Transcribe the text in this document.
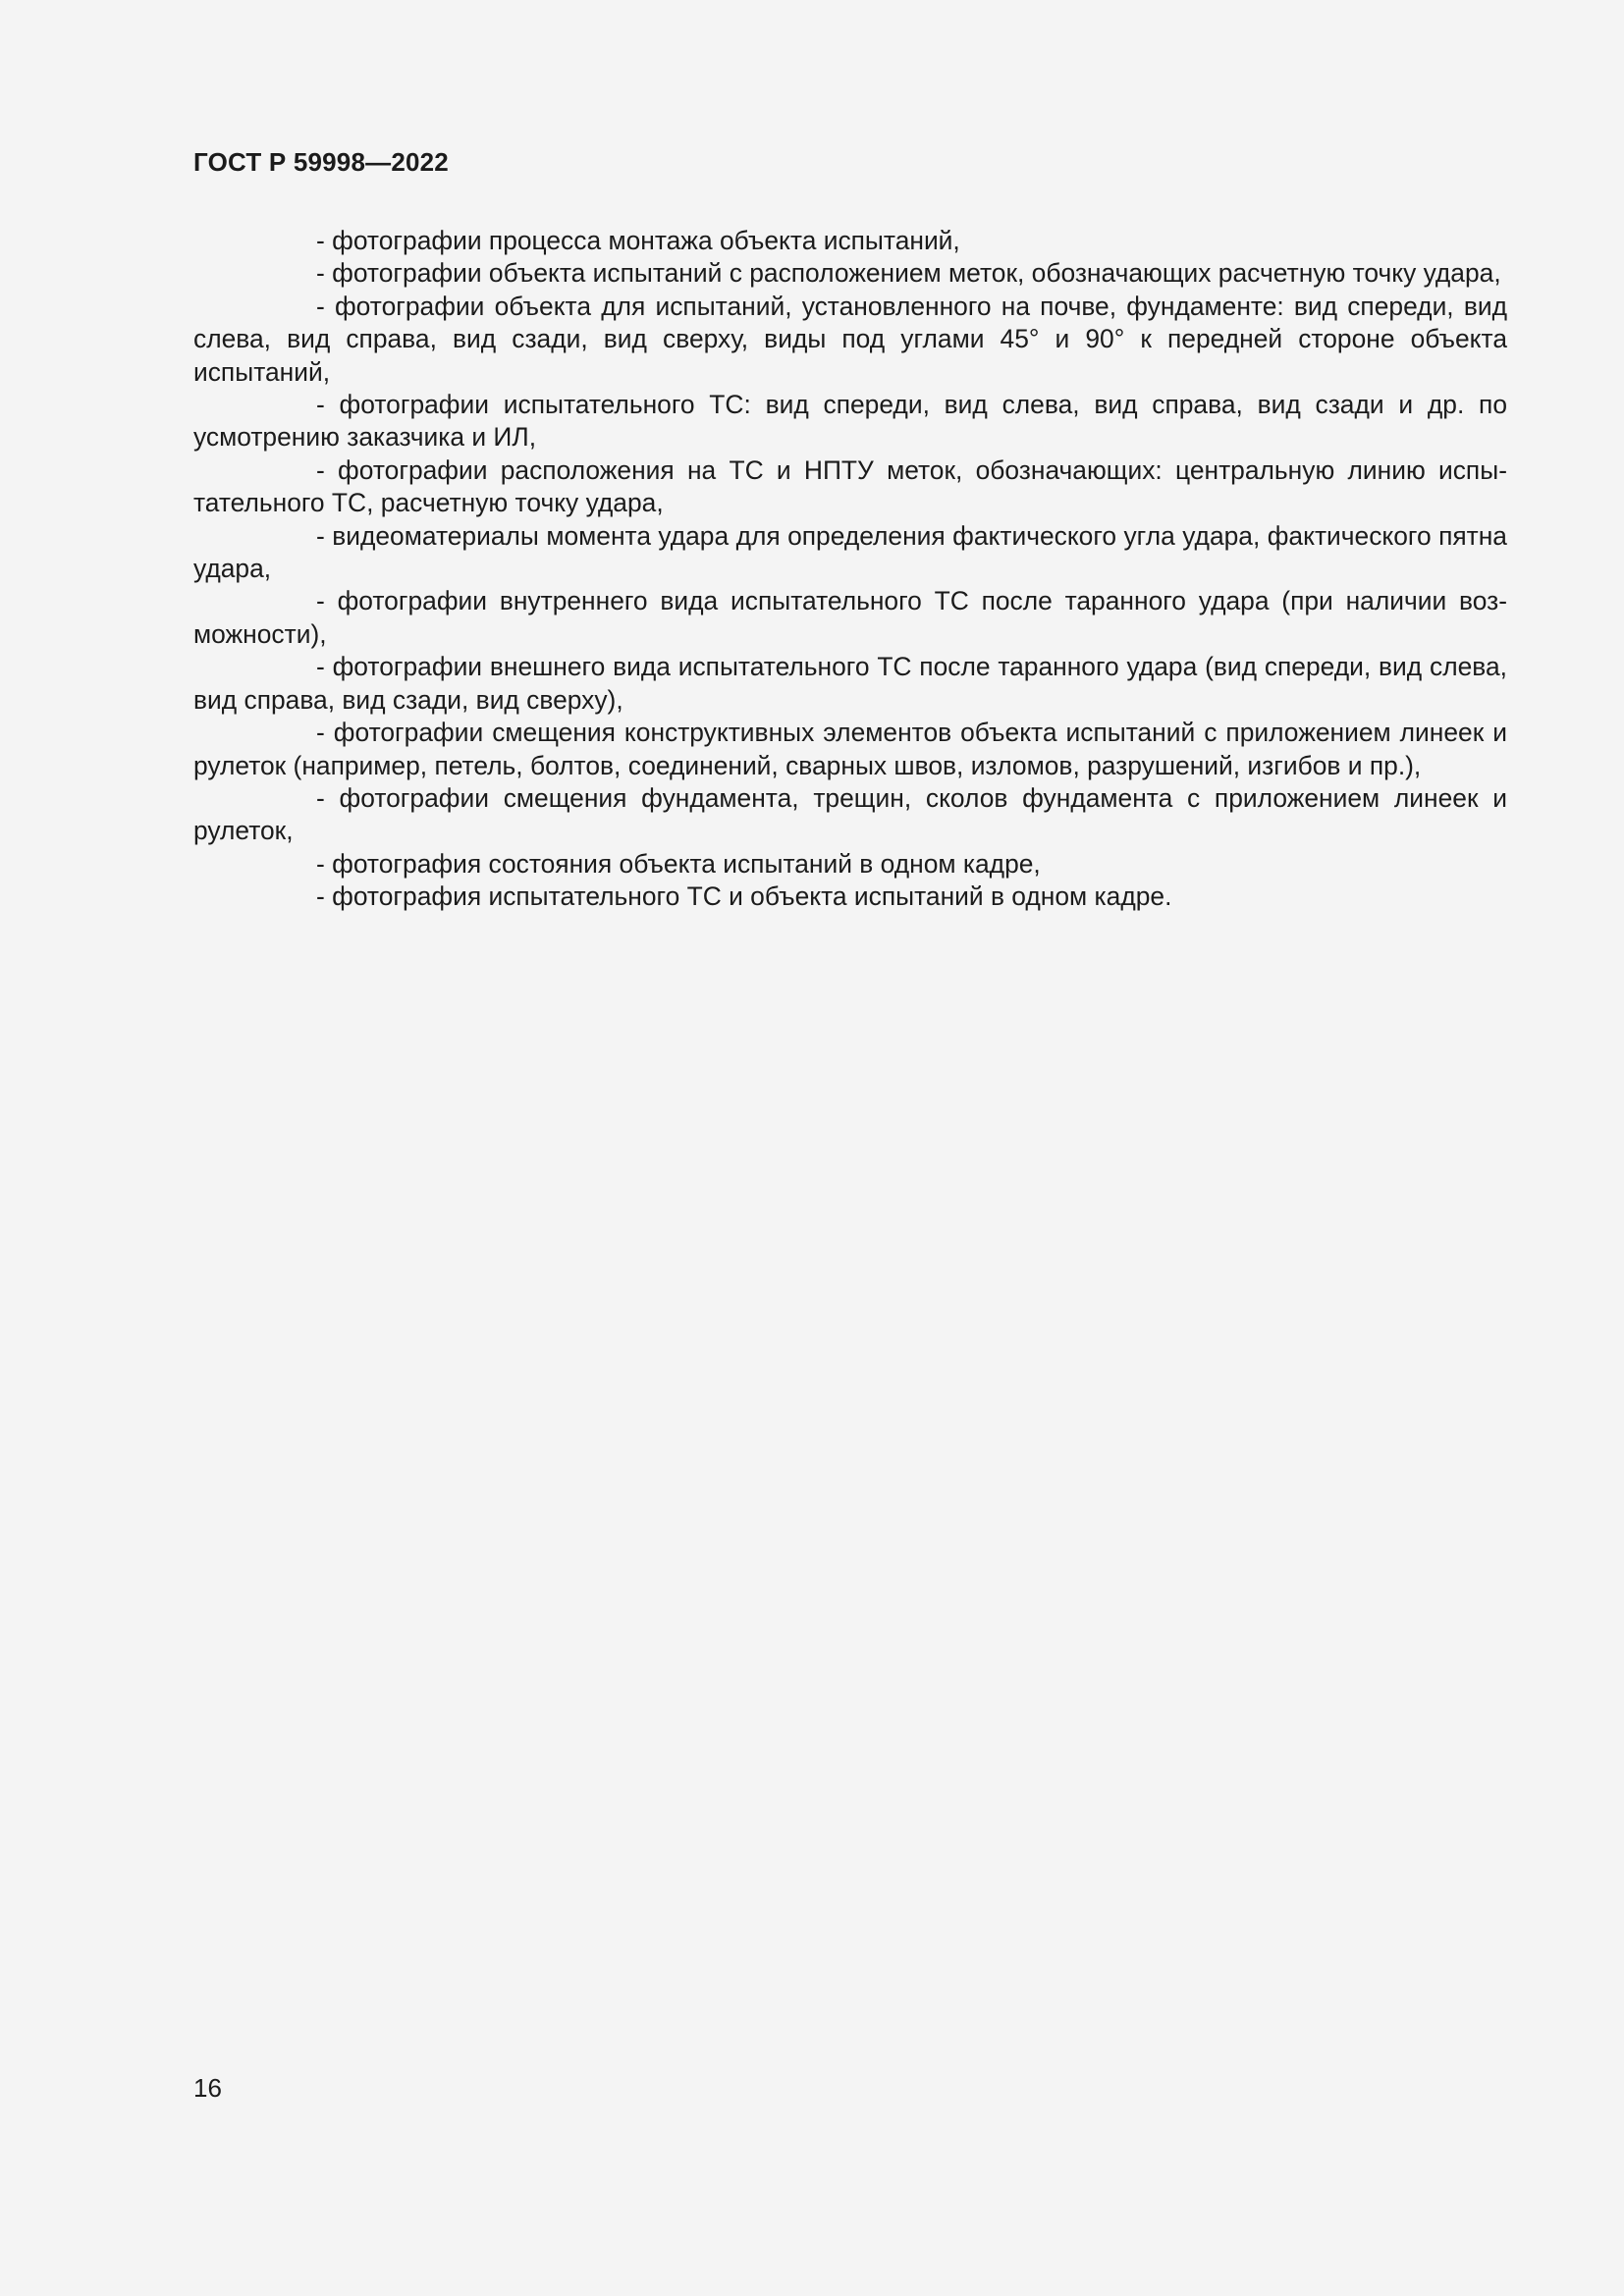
ГОСТ Р 59998—2022

- фотографии процесса монтажа объекта испытаний,

- фотографии объекта испытаний с расположением меток, обозначающих расчетную точку удара,

- фотографии объекта для испытаний, установленного на почве, фундаменте: вид спереди, вид слева, вид справа, вид сзади, вид сверху, виды под углами 45° и 90° к передней стороне объекта испытаний,

- фотографии испытательного ТС: вид спереди, вид слева, вид справа, вид сзади и др. по усмотрению заказчика и ИЛ,

- фотографии расположения на ТС и НПТУ меток, обозначающих: центральную линию испытательного ТС, расчетную точку удара,

- видеоматериалы момента удара для определения фактического угла удара, фактического пятна удара,

- фотографии внутреннего вида испытательного ТС после таранного удара (при наличии возможности),

- фотографии внешнего вида испытательного ТС после таранного удара (вид спереди, вид слева, вид справа, вид сзади, вид сверху),

- фотографии смещения конструктивных элементов объекта испытаний с приложением линеек и рулеток (например, петель, болтов, соединений, сварных швов, изломов, разрушений, изгибов и пр.),

- фотографии смещения фундамента, трещин, сколов фундамента с приложением линеек и рулеток,

- фотография состояния объекта испытаний в одном кадре,

- фотография испытательного ТС и объекта испытаний в одном кадре.

16
